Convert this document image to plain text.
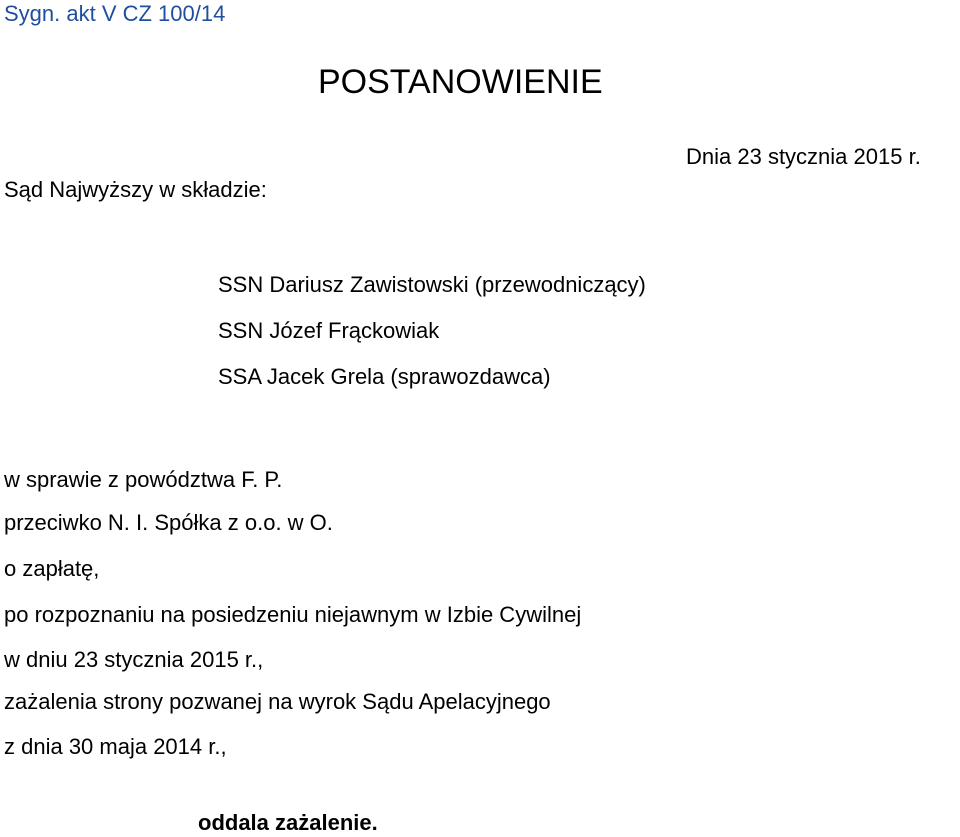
Sygn. akt V CZ 100/14
POSTANOWIENIE
Dnia 23 stycznia 2015 r.
Sąd Najwyższy w składzie:
SSN Dariusz Zawistowski (przewodniczący)
SSN Józef Frąckowiak
SSA Jacek Grela (sprawozdawca)
w sprawie z powództwa F. P.
przeciwko N. I. Spółka z o.o. w O.
o zapłatę,
po rozpoznaniu na posiedzeniu niejawnym w Izbie Cywilnej
w dniu 23 stycznia 2015 r.,
zażalenia strony pozwanej na wyrok Sądu Apelacyjnego
z dnia 30 maja 2014 r.,
oddala zażalenie.
